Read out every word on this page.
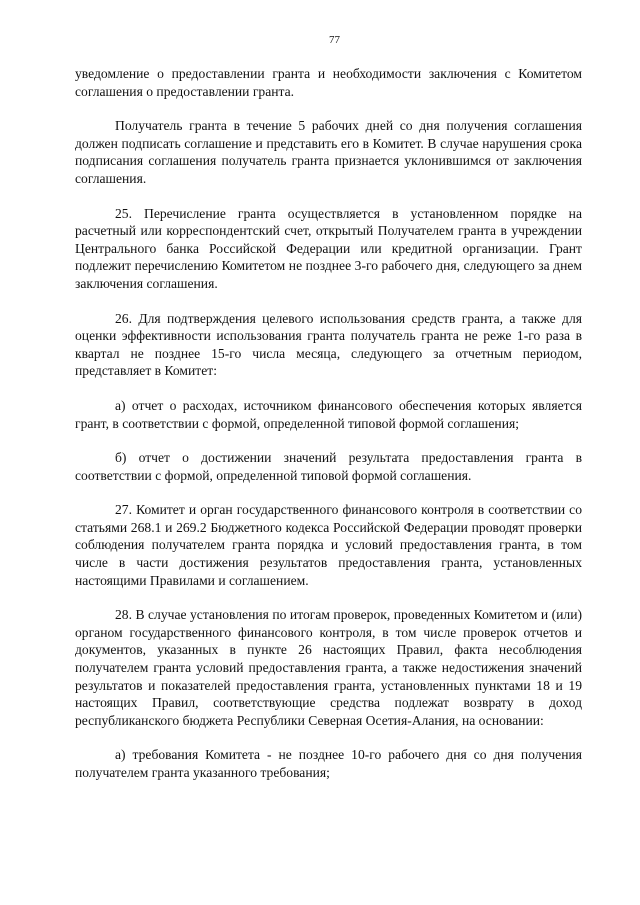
77

уведомление о предоставлении гранта и необходимости заключения с Комитетом соглашения о предоставлении гранта.

Получатель гранта в течение 5 рабочих дней со дня получения соглашения должен подписать соглашение и представить его в Комитет. В случае нарушения срока подписания соглашения получатель гранта признается уклонившимся от заключения соглашения.

25. Перечисление гранта осуществляется в установленном порядке на расчетный или корреспондентский счет, открытый Получателем гранта в учреждении Центрального банка Российской Федерации или кредитной организации. Грант подлежит перечислению Комитетом не позднее 3-го рабочего дня, следующего за днем заключения соглашения.

26. Для подтверждения целевого использования средств гранта, а также для оценки эффективности использования гранта получатель гранта не реже 1-го раза в квартал не позднее 15-го числа месяца, следующего за отчетным периодом, представляет в Комитет:

а) отчет о расходах, источником финансового обеспечения которых является грант, в соответствии с формой, определенной типовой формой соглашения;

б) отчет о достижении значений результата предоставления гранта в соответствии с формой, определенной типовой формой соглашения.

27. Комитет и орган государственного финансового контроля в соответствии со статьями 268.1 и 269.2 Бюджетного кодекса Российской Федерации проводят проверки соблюдения получателем гранта порядка и условий предоставления гранта, в том числе в части достижения результатов предоставления гранта, установленных настоящими Правилами и соглашением.

28. В случае установления по итогам проверок, проведенных Комитетом и (или) органом государственного финансового контроля, в том числе проверок отчетов и документов, указанных в пункте 26 настоящих Правил, факта несоблюдения получателем гранта условий предоставления гранта, а также недостижения значений результатов и показателей предоставления гранта, установленных пунктами 18 и 19 настоящих Правил, соответствующие средства подлежат возврату в доход республиканского бюджета Республики Северная Осетия-Алания, на основании:

а) требования Комитета - не позднее 10-го рабочего дня со дня получения получателем гранта указанного требования;
